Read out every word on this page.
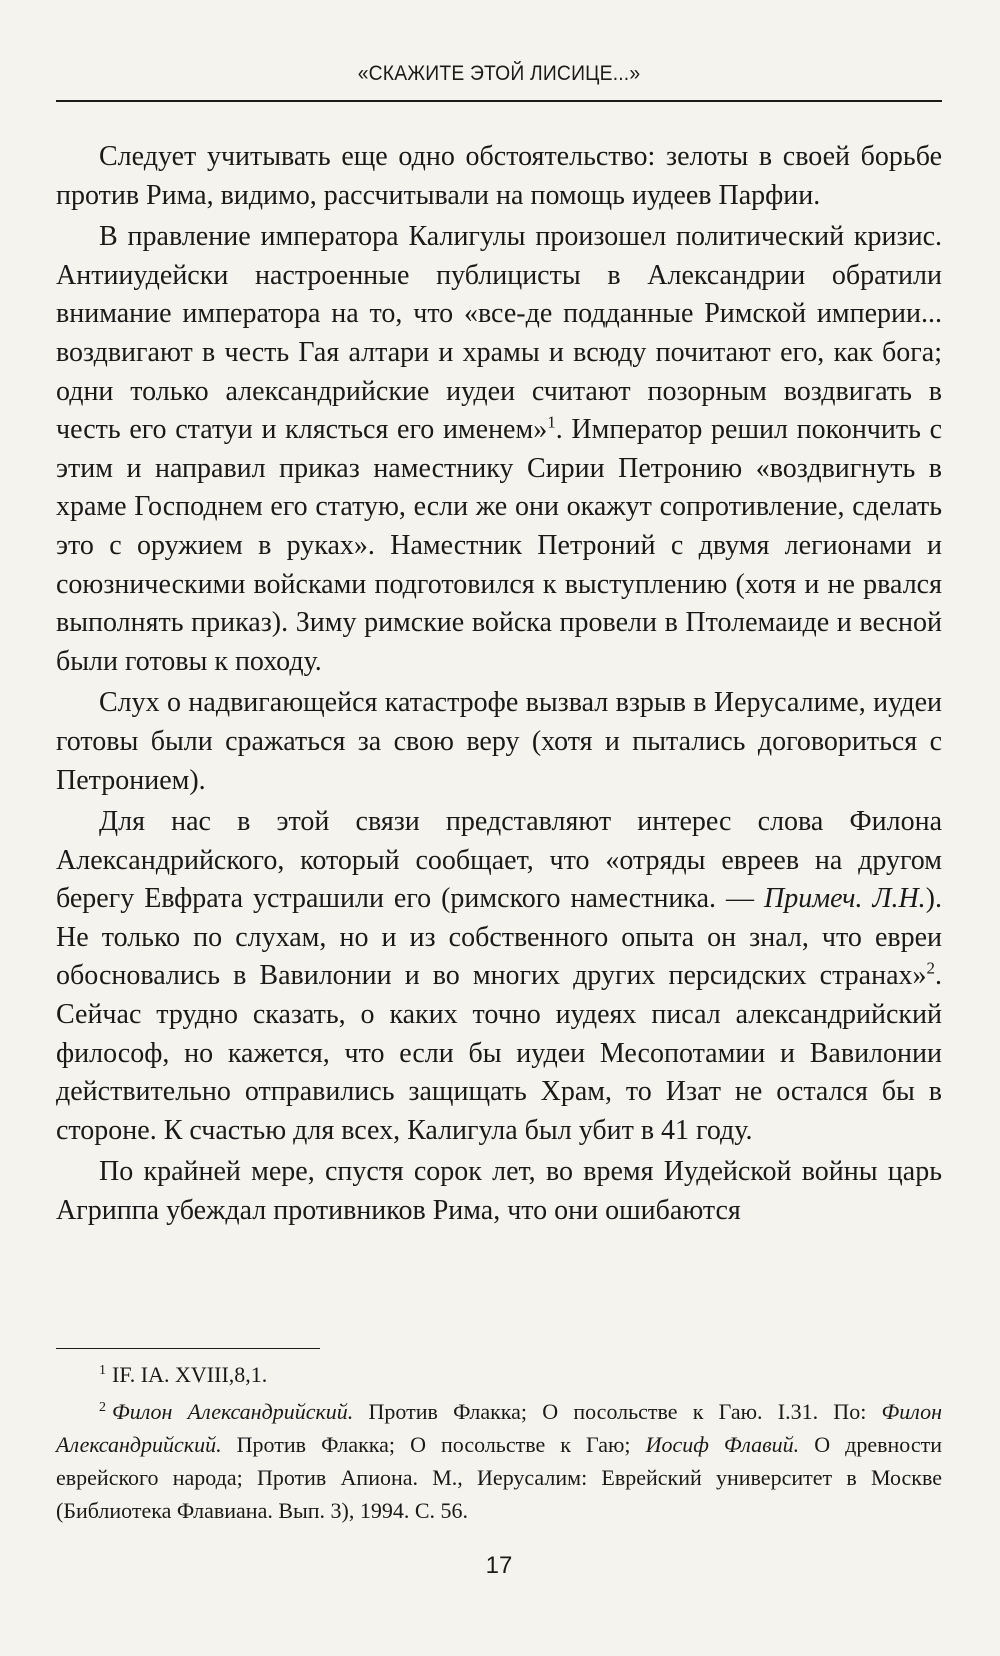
«СКАЖИТЕ ЭТОЙ ЛИСИЦЕ...»

Следует учитывать еще одно обстоятельство: зелоты в своей борьбе против Рима, видимо, рассчитывали на помощь иудеев Парфии.

В правление императора Калигулы произошел политический кризис. Антииудейски настроенные публицисты в Александрии обратили внимание императора на то, что «все-де подданные Римской империи... воздвигают в честь Гая алтари и храмы и всюду почитают его, как бога; одни только александрийские иудеи считают позорным воздвигать в честь его статуи и клясться его именем»$^1$. Император решил покончить с этим и направил приказ наместнику Сирии Петронию «воздвигнуть в храме Господнем его статую, если же они окажут сопротивление, сделать это с оружием в руках». Наместник Петроний с двумя легионами и союзническими войсками подготовился к выступлению (хотя и не рвался выполнять приказ). Зиму римские войска провели в Птолемаиде и весной были готовы к походу.

Слух о надвигающейся катастрофе вызвал взрыв в Иерусалиме, иудеи готовы были сражаться за свою веру (хотя и пытались договориться с Петронием).

Для нас в этой связи представляют интерес слова Филона Александрийского, который сообщает, что «отряды евреев на другом берегу Евфрата устрашили его (римского наместника. — Примеч. Л.Н.). Не только по слухам, но и из собственного опыта он знал, что евреи обосновались в Вавилонии и во многих других персидских странах»$^2$. Сейчас трудно сказать, о каких точно иудеях писал александрийский философ, но кажется, что если бы иудеи Месопотамии и Вавилонии действительно отправились защищать Храм, то Изат не остался бы в стороне. К счастью для всех, Калигула был убит в 41 году.

По крайней мере, спустя сорок лет, во время Иудейской войны царь Агриппа убеждал противников Рима, что они ошибаются

$^1$ IF. IA. XVIII,8,1.

$^2$ Филон Александрийский. Против Флакка; О посольстве к Гаю. I.31. По: Филон Александрийский. Против Флакка; О посольстве к Гаю; Иосиф Флавий. О древности еврейского народа; Против Апиона. М., Иерусалим: Еврейский университет в Москве (Библиотека Флавиана. Вып. 3), 1994. С. 56.

17
